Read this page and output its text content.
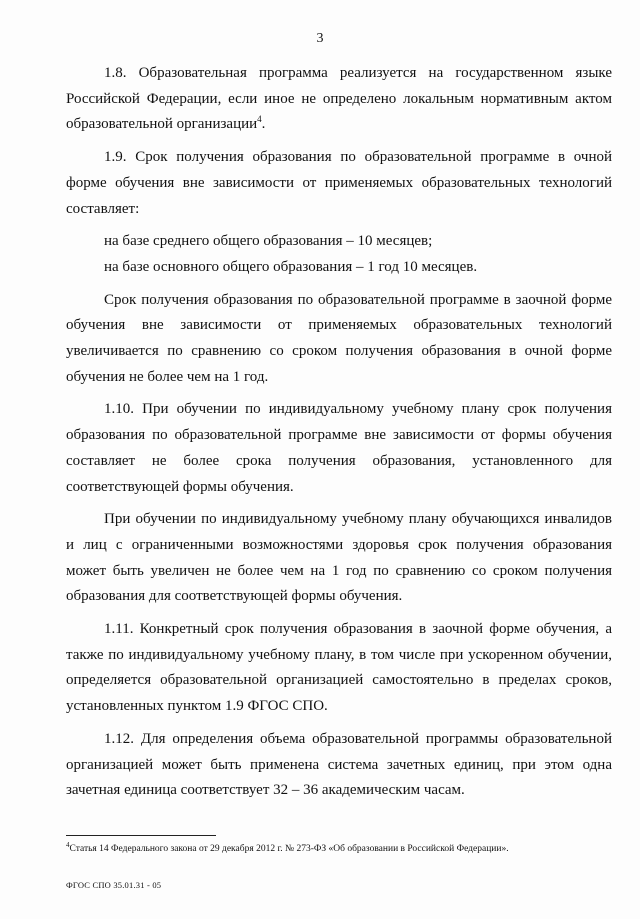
3

1.8. Образовательная программа реализуется на государственном языке Российской Федерации, если иное не определено локальным нормативным актом образовательной организации$^4$.

1.9. Срок получения образования по образовательной программе в очной форме обучения вне зависимости от применяемых образовательных технологий составляет:

на базе среднего общего образования – 10 месяцев;

на базе основного общего образования – 1 год 10 месяцев.

Срок получения образования по образовательной программе в заочной форме обучения вне зависимости от применяемых образовательных технологий увеличивается по сравнению со сроком получения образования в очной форме обучения не более чем на 1 год.

1.10. При обучении по индивидуальному учебному плану срок получения образования по образовательной программе вне зависимости от формы обучения составляет не более срока получения образования, установленного для соответствующей формы обучения.

При обучении по индивидуальному учебному плану обучающихся инвалидов и лиц с ограниченными возможностями здоровья срок получения образования может быть увеличен не более чем на 1 год по сравнению со сроком получения образования для соответствующей формы обучения.

1.11. Конкретный срок получения образования в заочной форме обучения, а также по индивидуальному учебному плану, в том числе при ускоренном обучении, определяется образовательной организацией самостоятельно в пределах сроков, установленных пунктом 1.9 ФГОС СПО.

1.12. Для определения объема образовательной программы образовательной организацией может быть применена система зачетных единиц, при этом одна зачетная единица соответствует 32 – 36 академическим часам.

$^4$Статья 14 Федерального закона от 29 декабря 2012 г. № 273-ФЗ «Об образовании в Российской Федерации».
ФГОС СПО 35.01.31 - 05
